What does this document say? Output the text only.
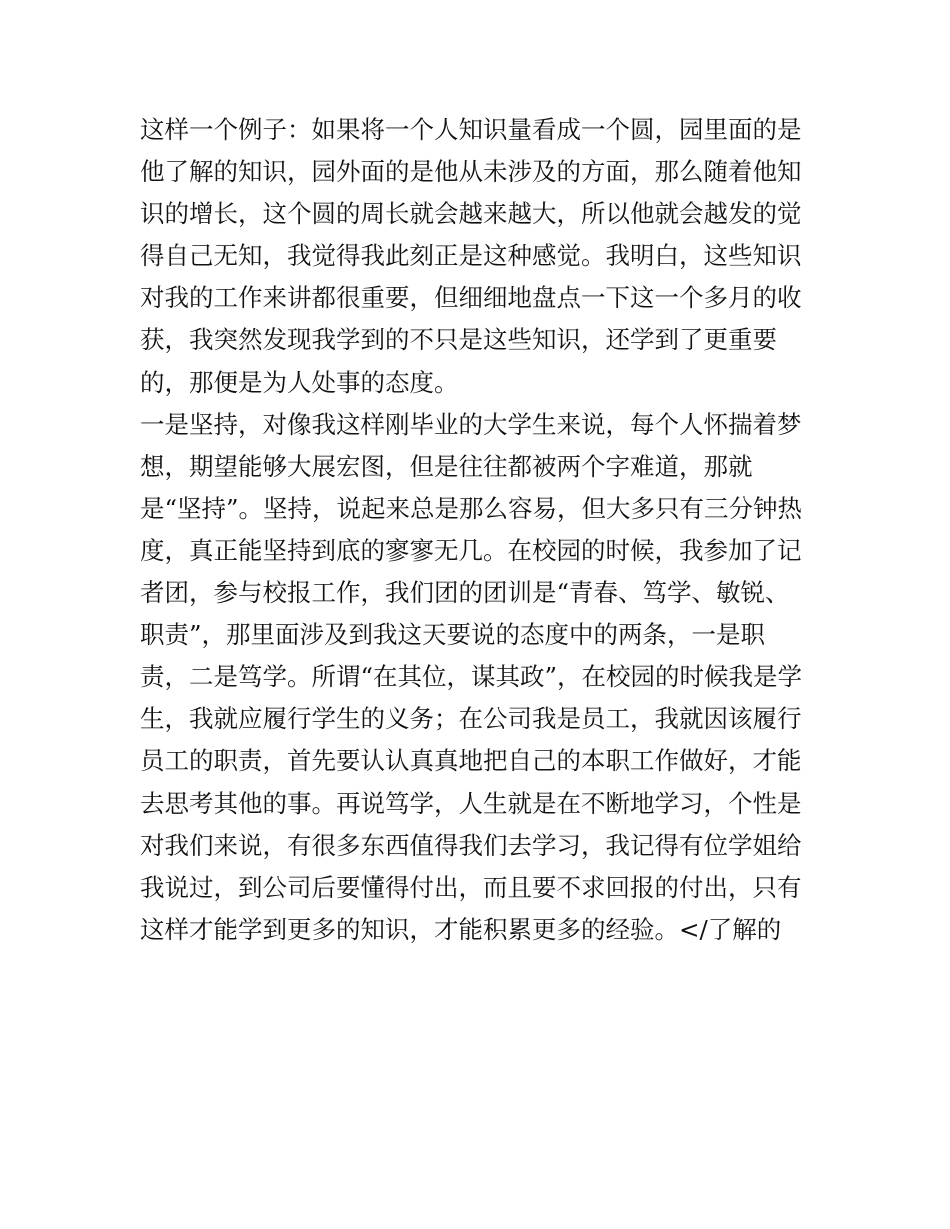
这样一个例子：如果将一个人知识量看成一个圆，园里面的是
他了解的知识，园外面的是他从未涉及的方面，那么随着他知
识的增长，这个圆的周长就会越来越大，所以他就会越发的觉
得自己无知，我觉得我此刻正是这种感觉。我明白，这些知识
对我的工作来讲都很重要，但细细地盘点一下这一个多月的收
获，我突然发现我学到的不只是这些知识，还学到了更重要
的，那便是为人处事的态度。
一是坚持，对像我这样刚毕业的大学生来说，每个人怀揣着梦
想，期望能够大展宏图，但是往往都被两个字难道，那就
是“坚持”。坚持，说起来总是那么容易，但大多只有三分钟热
度，真正能坚持到底的寥寥无几。在校园的时候，我参加了记
者团，参与校报工作，我们团的团训是“青春、笃学、敏锐、
职责”，那里面涉及到我这天要说的态度中的两条，一是职
责，二是笃学。所谓“在其位，谋其政”，在校园的时候我是学
生，我就应履行学生的义务；在公司我是员工，我就因该履行
员工的职责，首先要认认真真地把自己的本职工作做好，才能
去思考其他的事。再说笃学，人生就是在不断地学习，个性是
对我们来说，有很多东西值得我们去学习，我记得有位学姐给
我说过，到公司后要懂得付出，而且要不求回报的付出，只有
这样才能学到更多的知识，才能积累更多的经验。</了解的
